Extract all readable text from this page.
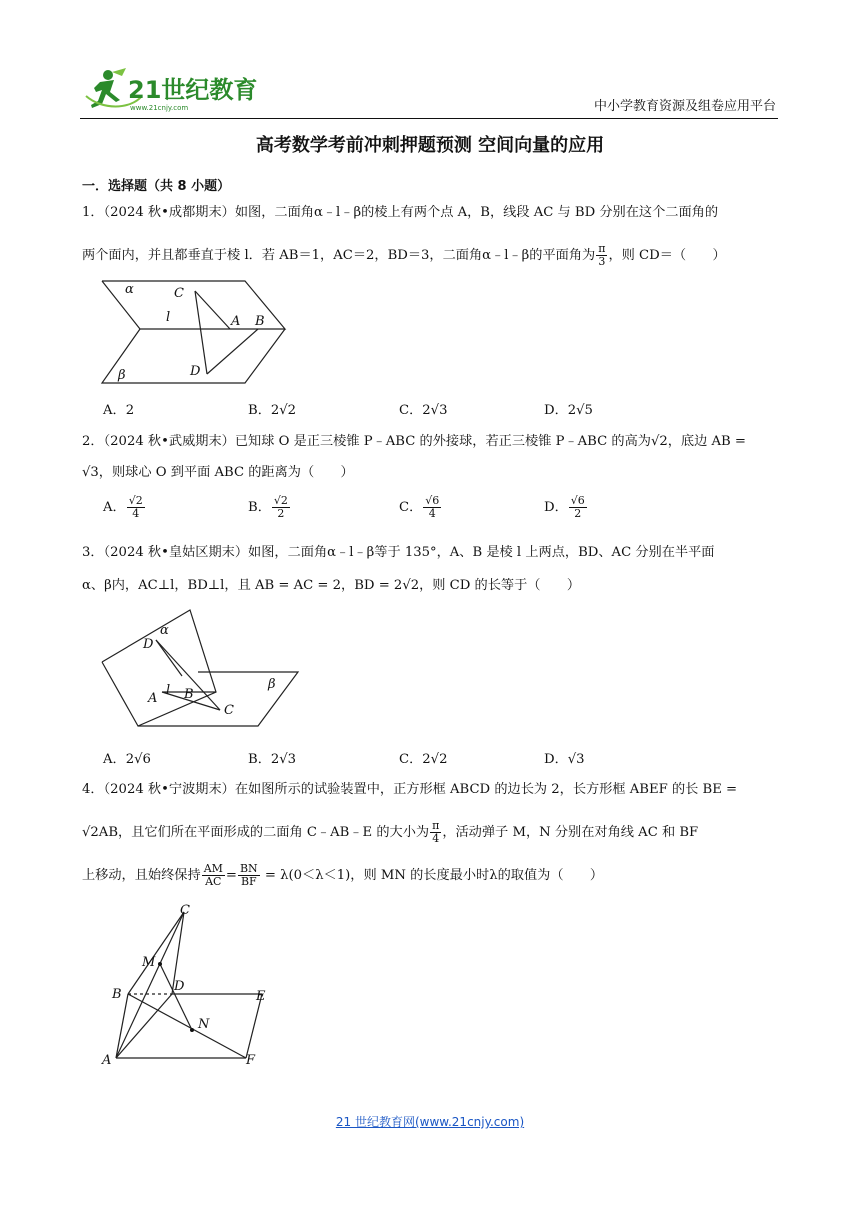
21世纪教育
www.21cnjy.com	中小学教育资源及组卷应用平台
高考数学考前冲刺押题预测 空间向量的应用
一．选择题（共 8 小题）
1．（2024 秋•成都期末）如图，二面角α﹣l﹣β的棱上有两个点 A，B，线段 AC 与 BD 分别在这个二面角的
两个面内，并且都垂直于棱 l．若 AB＝1，AC＝2，BD＝3，二面角α﹣l﹣β的平面角为 $\frac{\pi}{3}$ ，则 CD＝（　　）
α	C
l	A B
β	D
A．2	B．2√2	C．2√3	D．2√5
2．（2024 秋•武威期末）已知球 O 是正三棱锥 P﹣ABC 的外接球，若正三棱锥 P﹣ABC 的高为√2，底边 AB =
√3，则球心 O 到平面 ABC 的距离为（　　）
A． $\frac{√2}{4}$	B． $\frac{√2}{2}$	C． $\frac{√6}{4}$	D． $\frac{√6}{2}$
3．（2024 秋•皇姑区期末）如图，二面角α﹣l﹣β等于 135°，A、B 是棱 l 上两点，BD、AC 分别在半平面
α、β内，AC⊥l，BD⊥l，且 AB = AC = 2，BD = 2√2，则 CD 的长等于（　　）
α
D
β
A
l B
C
A．2√6	B．2√3	C．2√2	D．√3
4．（2024 秋•宁波期末）在如图所示的试验装置中，正方形框 ABCD 的边长为 2，长方形框 ABEF 的长 BE =
√2AB，且它们所在平面形成的二面角 C﹣AB﹣E 的大小为 $\frac{\pi}{4}$ ，活动弹子 M，N 分别在对角线 AC 和 BF
上移动，且始终保持 $\frac{AM}{AC} = \frac{BN}{BF} = \lambda(0<\lambda<1)$，则 MN 的长度最小时λ的取值为（　　）
C
M
B
D
E
N
A	F
21 世纪教育网(www.21cnjy.com)
